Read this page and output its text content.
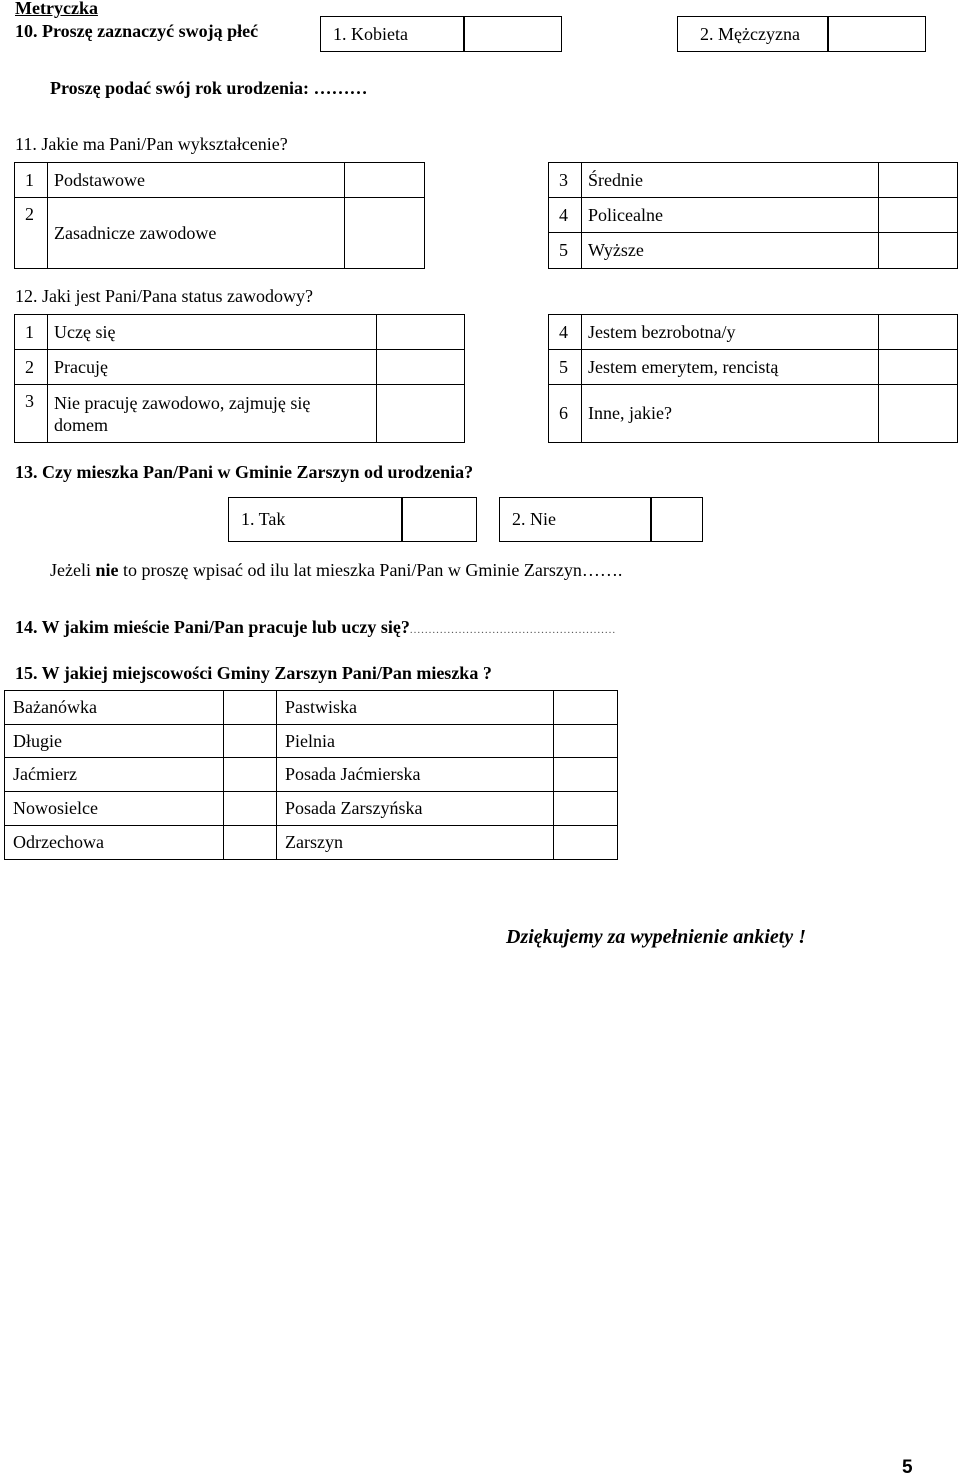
Metryczka
10. Proszę zaznaczyć swoją płeć	1. Kobieta	2. Mężczyzna
Proszę podać swój rok urodzenia: ………
11. Jakie ma Pani/Pan wykształcenie?
1	Podstawowe	
2	Zasadnicze zawodowe	
3	Średnie	
4	Policealne	
5	Wyższe	
12. Jaki jest Pani/Pana status zawodowy?
1	Uczę się	
2	Pracuję	
3	Nie pracuję zawodowo, zajmuję się
domem	

4	Jestem bezrobotna/y	
5	Jestem emerytem, rencistą	
6	Inne, jakie?	
13. Czy mieszka Pan/Pani w Gminie Zarszyn od urodzenia?
1. Tak	2. Nie
Jeżeli nie to proszę wpisać od ilu lat mieszka Pani/Pan w Gminie Zarszyn…….
14. W jakim mieście Pani/Pan pracuje lub uczy się?.......................................................
15. W jakiej miejscowości Gminy Zarszyn Pani/Pan mieszka ?
Bażanówka		Pastwiska	
Długie		Pielnia	
Jaćmierz		Posada Jaćmierska	
Nowosielce		Posada Zarszyńska	
Odrzechowa		Zarszyn	
Dziękujemy za wypełnienie ankiety !
5
